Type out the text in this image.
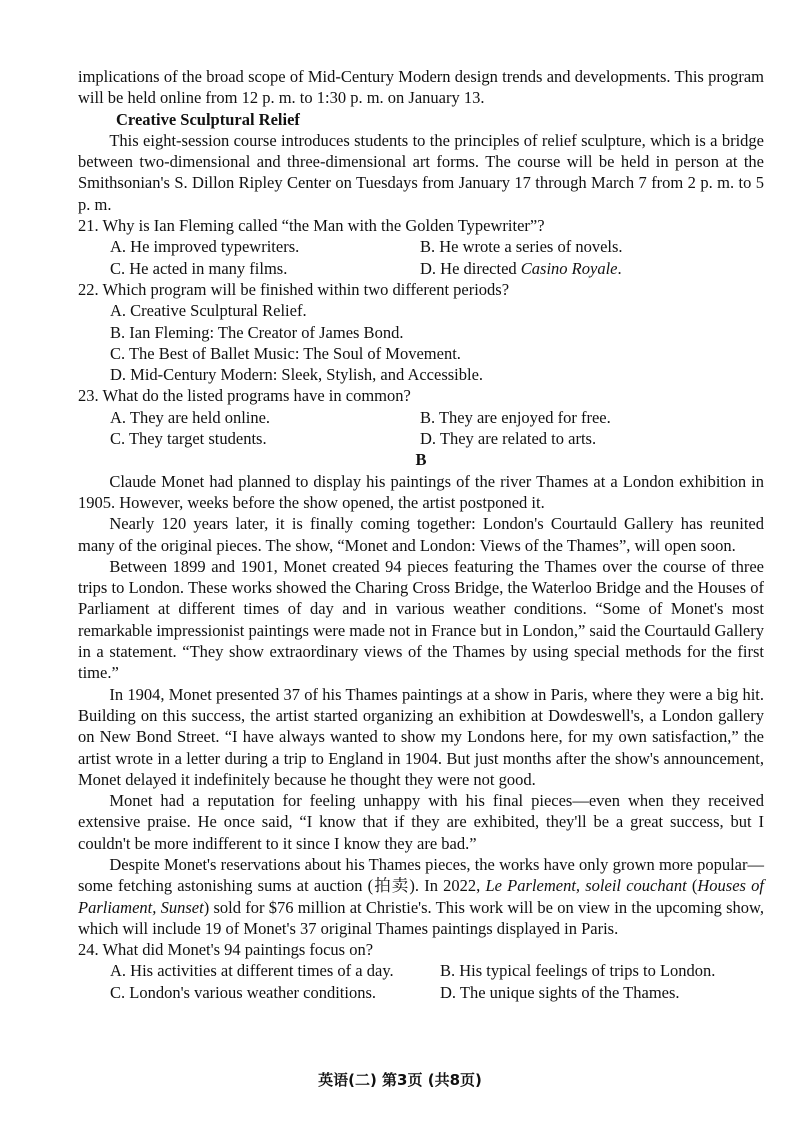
implications of the broad scope of Mid-Century Modern design trends and developments. This program will be held online from 12 p. m. to 1:30 p. m. on January 13.

Creative Sculptural Relief

This eight-session course introduces students to the principles of relief sculpture, which is a bridge between two-dimensional and three-dimensional art forms. The course will be held in person at the Smithsonian's S. Dillon Ripley Center on Tuesdays from January 17 through March 7 from 2 p. m. to 5 p. m.

21. Why is Ian Fleming called “the Man with the Golden Typewriter”?

A. He improved typewriters.	B. He wrote a series of novels.
C. He acted in many films.	D. He directed Casino Royale.

22. Which program will be finished within two different periods?

A. Creative Sculptural Relief.
B. Ian Fleming: The Creator of James Bond.
C. The Best of Ballet Music: The Soul of Movement.
D. Mid-Century Modern: Sleek, Stylish, and Accessible.

23. What do the listed programs have in common?

A. They are held online.	B. They are enjoyed for free.
C. They target students.	D. They are related to arts.
B

Claude Monet had planned to display his paintings of the river Thames at a London exhibition in 1905. However, weeks before the show opened, the artist postponed it.

Nearly 120 years later, it is finally coming together: London's Courtauld Gallery has reunited many of the original pieces. The show, “Monet and London: Views of the Thames”, will open soon.

Between 1899 and 1901, Monet created 94 pieces featuring the Thames over the course of three trips to London. These works showed the Charing Cross Bridge, the Waterloo Bridge and the Houses of Parliament at different times of day and in various weather conditions. “Some of Monet's most remarkable impressionist paintings were made not in France but in London,” said the Courtauld Gallery in a statement. “They show extraordinary views of the Thames by using special methods for the first time.”

In 1904, Monet presented 37 of his Thames paintings at a show in Paris, where they were a big hit. Building on this success, the artist started organizing an exhibition at Dowdeswell's, a London gallery on New Bond Street. “I have always wanted to show my Londons here, for my own satisfaction,” the artist wrote in a letter during a trip to England in 1904. But just months after the show's announcement, Monet delayed it indefinitely because he thought they were not good.

Monet had a reputation for feeling unhappy with his final pieces—even when they received extensive praise. He once said, “I know that if they are exhibited, they'll be a great success, but I couldn't be more indifferent to it since I know they are bad.”

Despite Monet's reservations about his Thames pieces, the works have only grown more popular—some fetching astonishing sums at auction (拍卖). In 2022, Le Parlement, soleil couchant (Houses of Parliament, Sunset) sold for $76 million at Christie's. This work will be on view in the upcoming show, which will include 19 of Monet's 37 original Thames paintings displayed in Paris.

24. What did Monet's 94 paintings focus on?

A. His activities at different times of a day.	B. His typical feelings of trips to London.
C. London's various weather conditions.	D. The unique sights of the Thames.
英语(二) 第3页 (共8页)
